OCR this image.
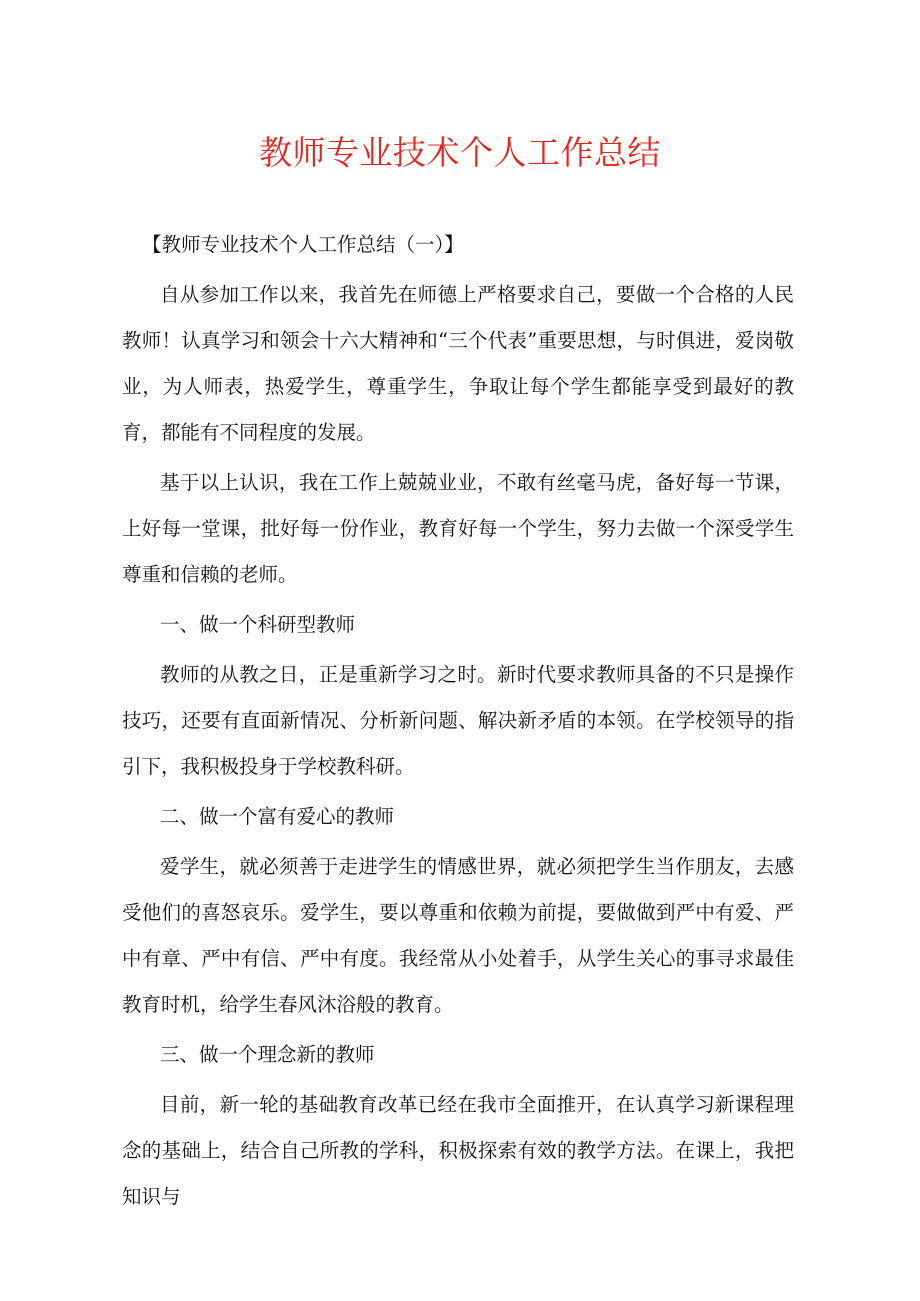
教师专业技术个人工作总结

【教师专业技术个人工作总结（一）】

自从参加工作以来，我首先在师德上严格要求自己，要做一个合格的人民教师！认真学习和领会十六大精神和“三个代表”重要思想，与时俱进，爱岗敬业，为人师表，热爱学生，尊重学生，争取让每个学生都能享受到最好的教育，都能有不同程度的发展。

基于以上认识，我在工作上兢兢业业，不敢有丝毫马虎，备好每一节课，上好每一堂课，批好每一份作业，教育好每一个学生，努力去做一个深受学生尊重和信赖的老师。

一、做一个科研型教师

教师的从教之日，正是重新学习之时。新时代要求教师具备的不只是操作技巧，还要有直面新情况、分析新问题、解决新矛盾的本领。在学校领导的指引下，我积极投身于学校教科研。

二、做一个富有爱心的教师

爱学生，就必须善于走进学生的情感世界，就必须把学生当作朋友，去感受他们的喜怒哀乐。爱学生，要以尊重和依赖为前提，要做做到严中有爱、严中有章、严中有信、严中有度。我经常从小处着手，从学生关心的事寻求最佳教育时机，给学生春风沐浴般的教育。

三、做一个理念新的教师

目前，新一轮的基础教育改革已经在我市全面推开，在认真学习新课程理念的基础上，结合自己所教的学科，积极探索有效的教学方法。在课上，我把知识与
